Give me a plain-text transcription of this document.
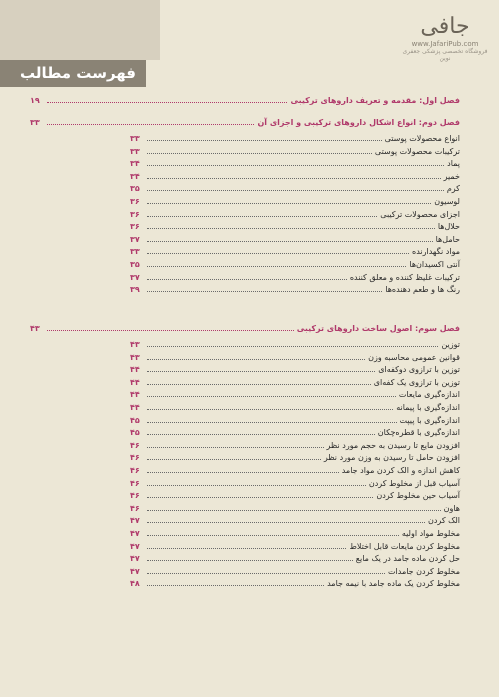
فهرست مطالب
جافی
www.JafariPub.com
فروشگاه تخصصی پزشکی جعفری نوین
فصل اول: مقدمه و تعریف داروهای ترکیبی
۱۹
فصل دوم: انواع اشکال داروهای ترکیبی و اجزای آن
۳۳
انواع محصولات پوستی
۳۳
ترکیبات محصولات پوستی
۳۳
پماد
۳۴
خمیر
۳۴
کرم
۳۵
لوسیون
۳۶
اجزای محصولات ترکیبی
۳۶
حلال‌ها
۳۶
حامل‌ها
۳۷
مواد نگهدارنده
۳۳
آنتی اکسیدان‌ها
۳۵
ترکیبات غلیظ کننده و معلق کننده
۳۷
رنگ ها و طعم دهنده‌ها
۳۹
فصل سوم: اصول ساخت داروهای ترکیبی
۴۳
توزین
۴۳
قوانین عمومی محاسبه وزن
۴۳
توزین با ترازوی دوکفه‌ای
۴۴
توزین با ترازوی یک کفه‌ای
۴۴
اندازه‌گیری مایعات
۴۴
اندازه‌گیری با پیمانه
۴۴
اندازه‌گیری با پیپت
۴۵
اندازه‌گیری با قطره‌چکان
۴۵
افزودن مایع تا رسیدن به حجم مورد نظر
۴۶
افزودن حامل تا رسیدن به وزن مورد نظر
۴۶
کاهش اندازه و الک کردن مواد جامد
۴۶
آسیاب قبل از مخلوط کردن
۴۶
آسیاب حین مخلوط کردن
۴۶
هاون
۴۶
الک کردن
۴۷
مخلوط مواد اولیه
۴۷
مخلوط کردن مایعات قابل اختلاط
۴۷
حل کردن ماده جامد در یک مایع
۴۷
مخلوط کردن جامدات
۴۷
مخلوط کردن یک ماده جامد با نیمه جامد
۴۸
